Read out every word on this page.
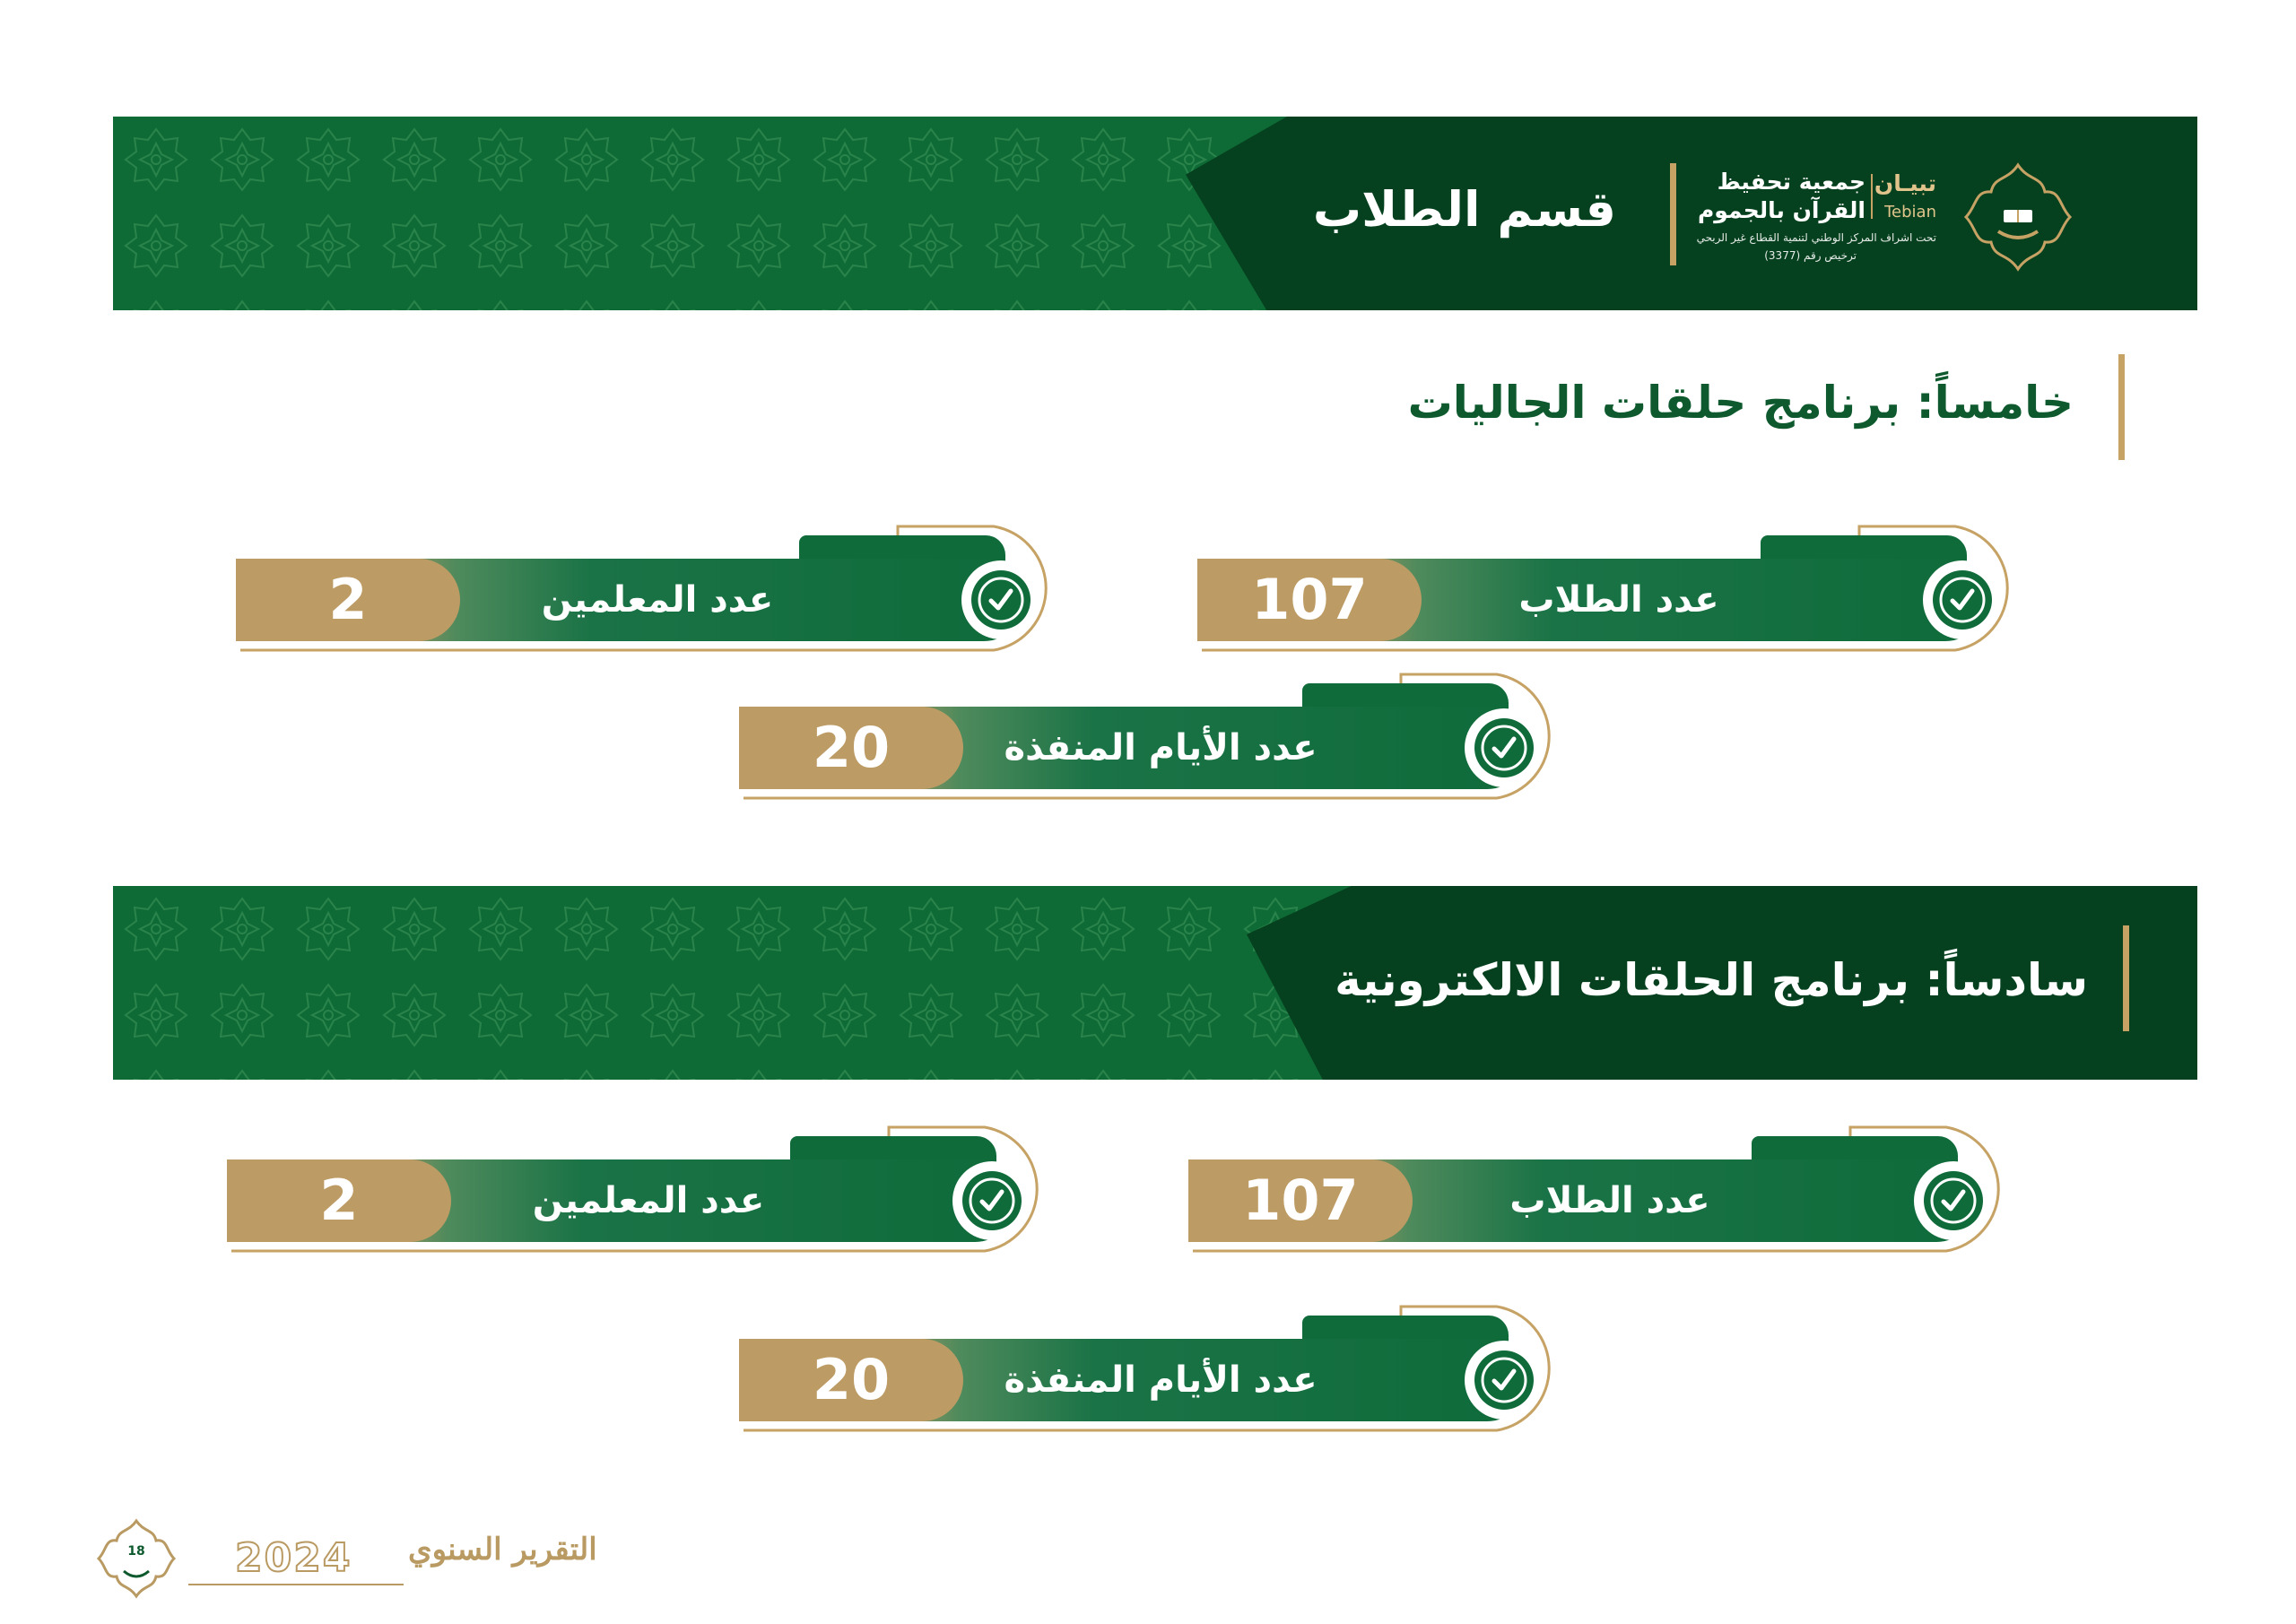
قسم الطلاب	تبيـان
Tebian
جمعية تحفيظ
القرآن بالجموم
تحت اشراف المركز الوطني لتنمية القطاع غير الربحي
ترخيص رقم (3377)
خامساً: برنامج حلقات الجاليات
107	عدد الطلاب
2	عدد المعلمين
20	عدد الأيام المنفذة
سادساً: برنامج الحلقات الالكترونية
107	عدد الطلاب
2	عدد المعلمين
20	عدد الأيام المنفذة
18 2024 التقرير السنوي
